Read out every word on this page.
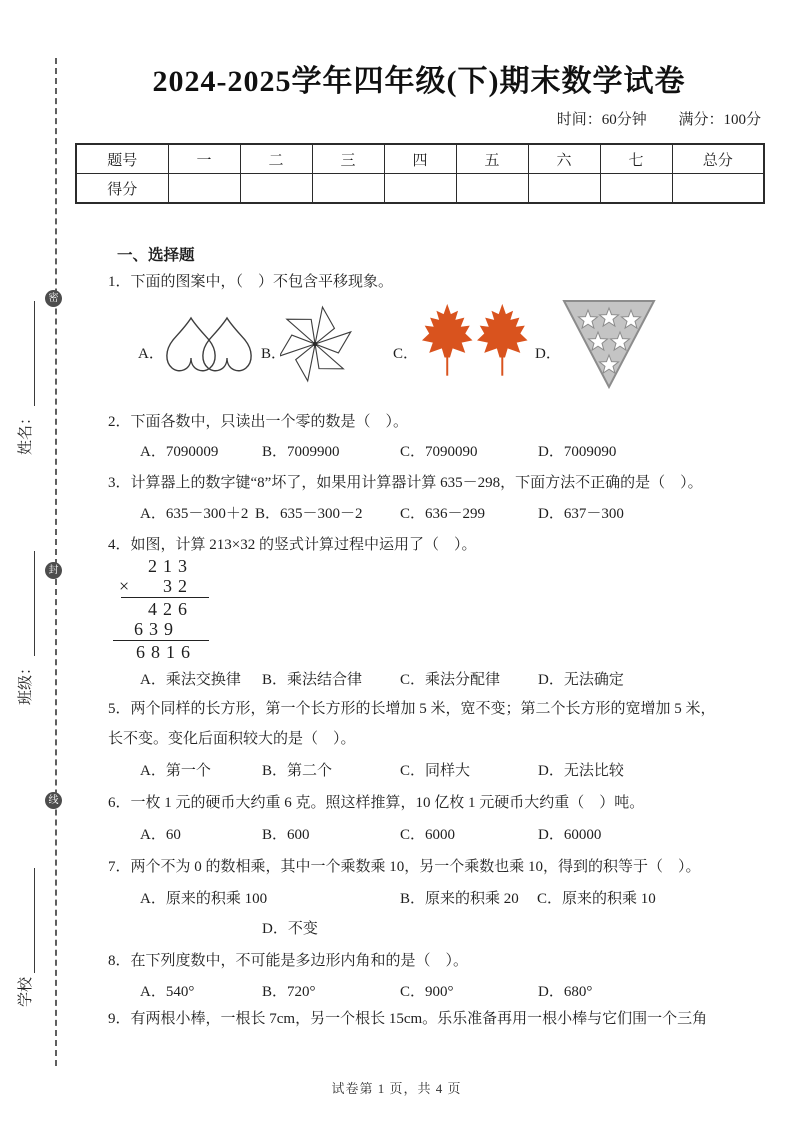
密
封
线
姓名：
班级：
学校
2024-2025学年四年级(下)期末数学试卷
时间：60分钟 满分：100分
题号	一	二	三	四	五	六	七	总分
得分								
一、选择题
1．下面的图案中，（　）不包含平移现象。
A．	B．	C．	D．
2．下面各数中，只读出一个零的数是（　）。
A．7090009	B．7009900	C．7090090	D．7009090
3．计算器上的数字键“8”坏了，如果用计算器计算 635－298，下面方法不正确的是（　）。
A．635－300＋2 B．635－300－2 C．636－299	D．637－300
4．如图，计算 213×32 的竖式计算过程中运用了（　）。
213
× 32
426
639
6816
A．乘法交换律 B．乘法结合律	C．乘法分配律	D．无法确定
5．两个同样的长方形，第一个长方形的长增加 5 米，宽不变；第二个长方形的宽增加 5 米，
长不变。变化后面积较大的是（　）。
A．第一个	B．第二个	C．同样大	D．无法比较
6．一枚 1 元的硬币大约重 6 克。照这样推算，10 亿枚 1 元硬币大约重（　）吨。
A．60	B．600	C．6000	D．60000
7．两个不为 0 的数相乘，其中一个乘数乘 10，另一个乘数也乘 10，得到的积等于（　）。
A．原来的积乘 100	B．原来的积乘 20 C．原来的积乘 10
D．不变
8．在下列度数中，不可能是多边形内角和的是（　）。
A．540°	B．720°	C．900°	D．680°
9．有两根小棒，一根长 7cm，另一个根长 15cm。乐乐准备再用一根小棒与它们围一个三角
试卷第 1 页，共 4 页
